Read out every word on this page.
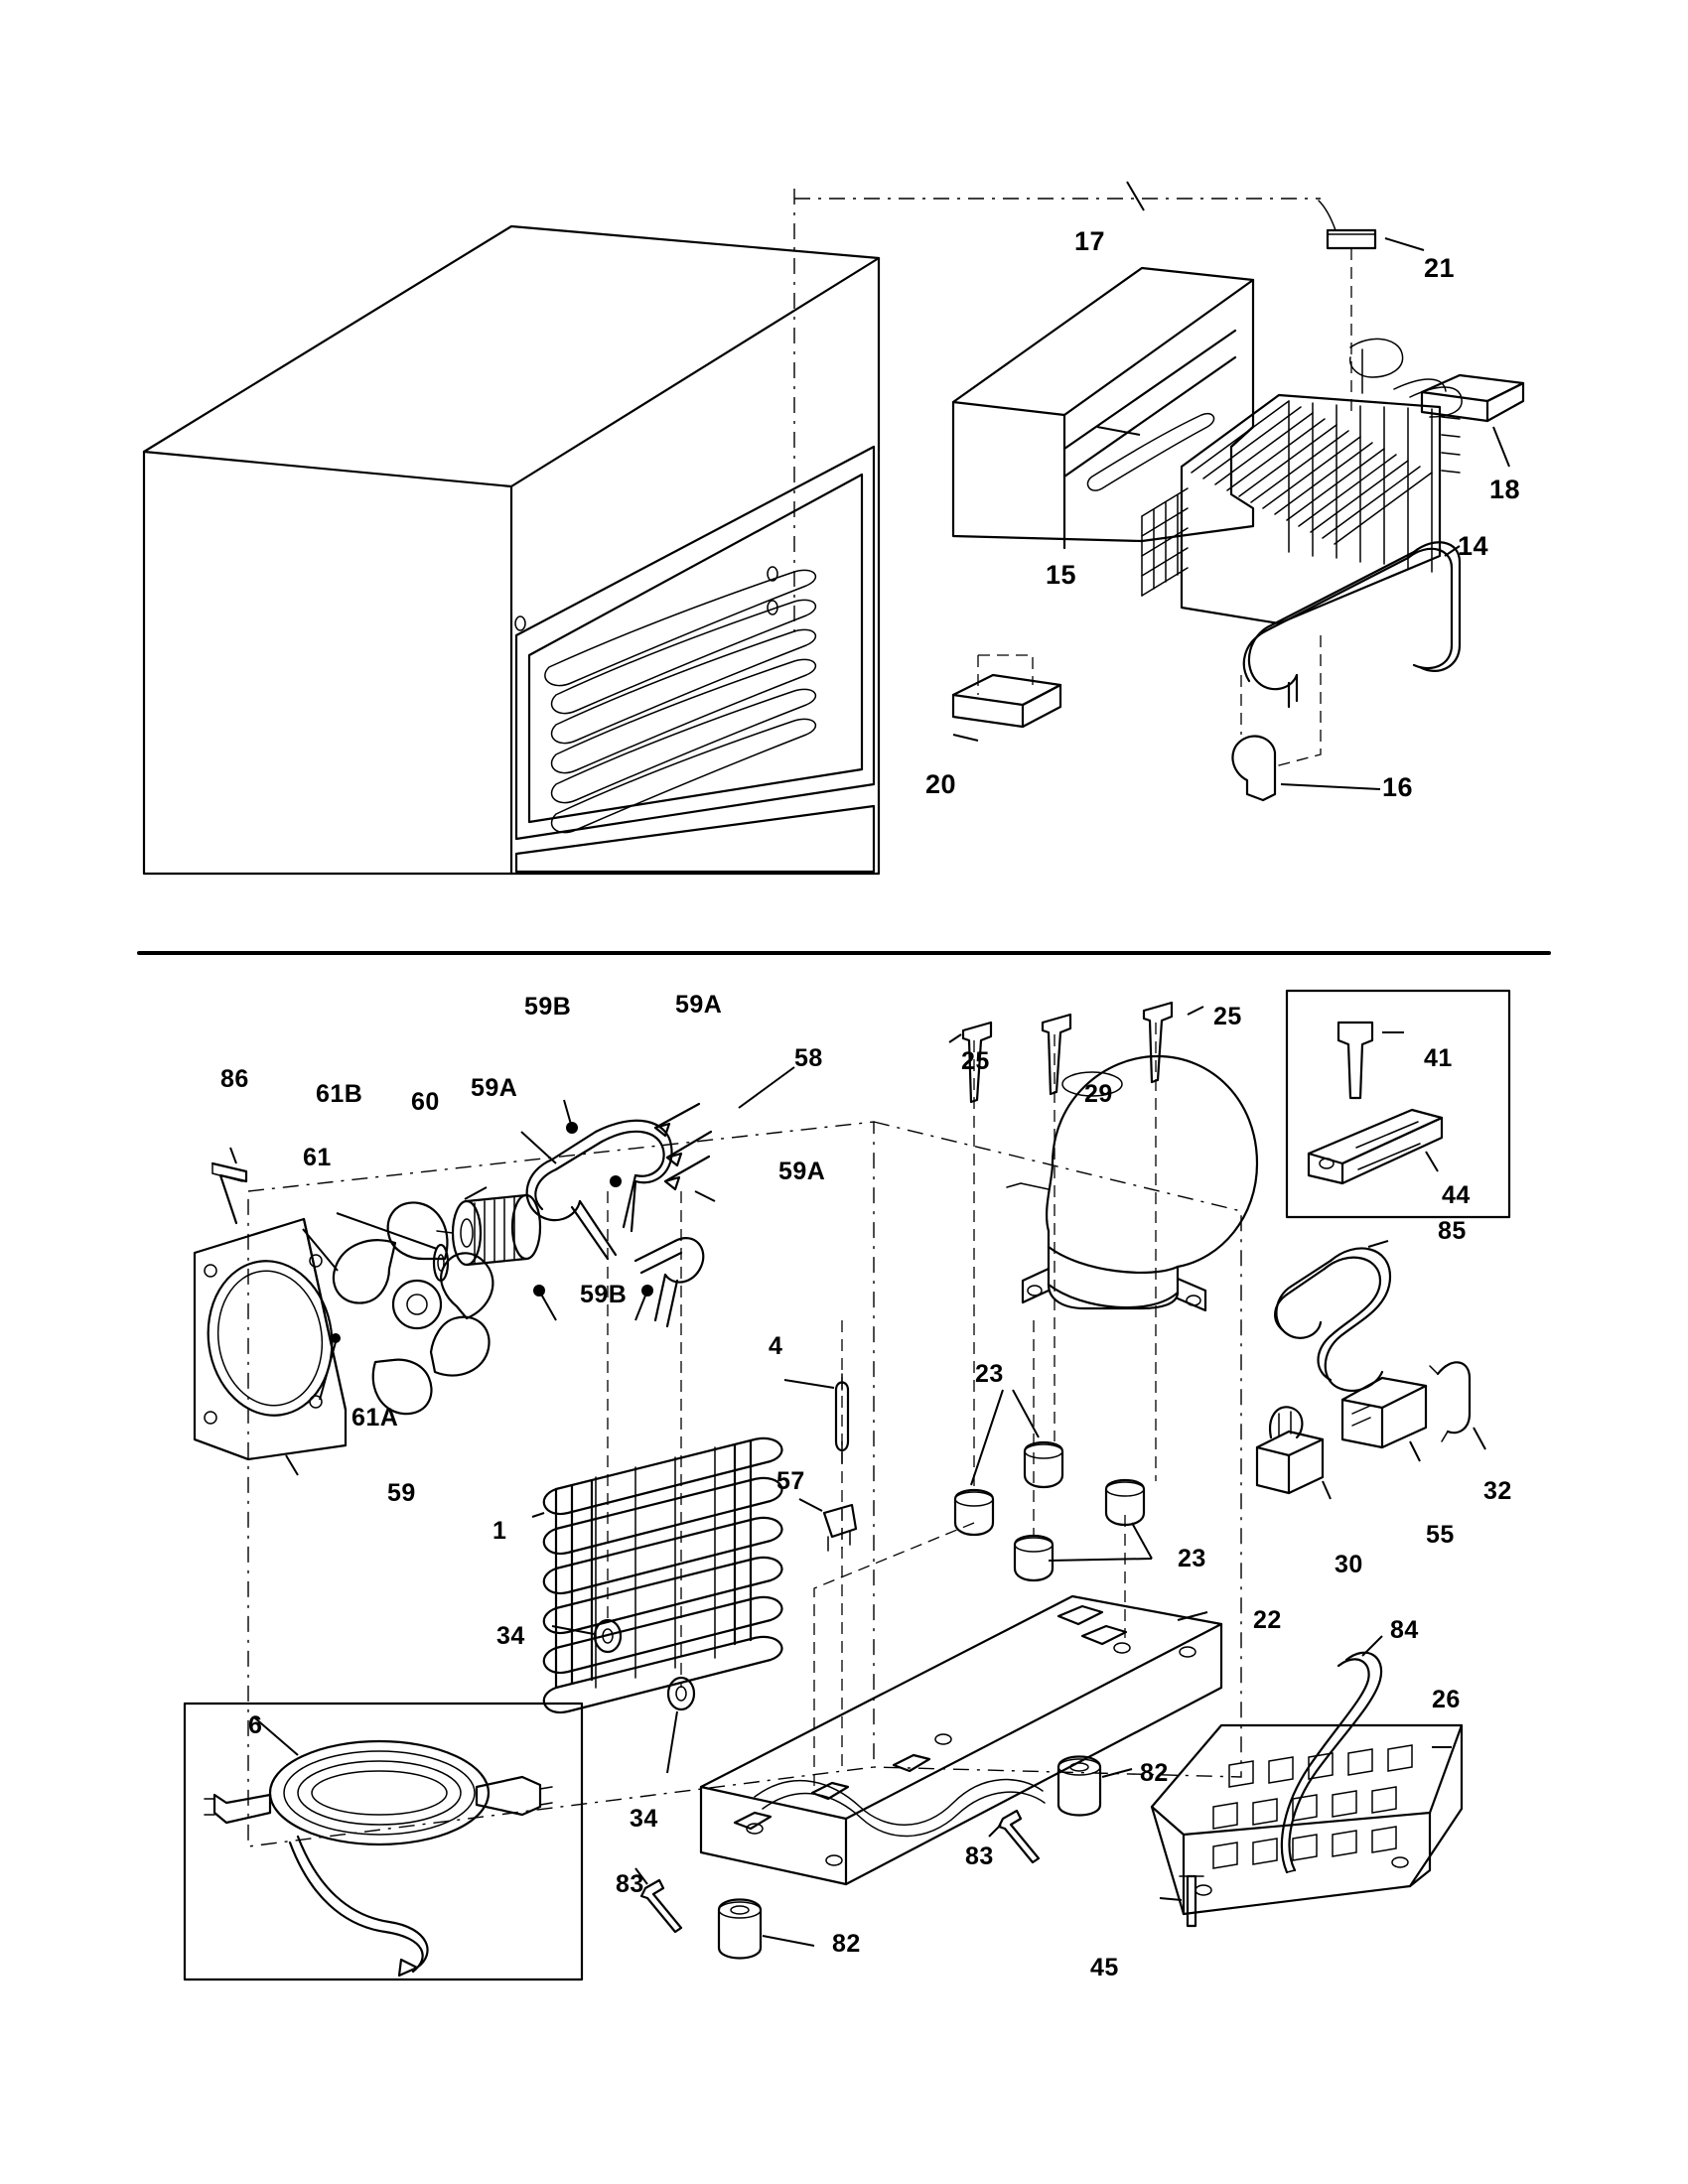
17
21
18
15
14
16
20
59B	59A
58	25
25
29
41
86
61B 60 59A
61	59A
44
85
59B
61A
59
4
23
32
30
55
57
1
23
34
22	84
26
6
34
82
83
83
82
45
